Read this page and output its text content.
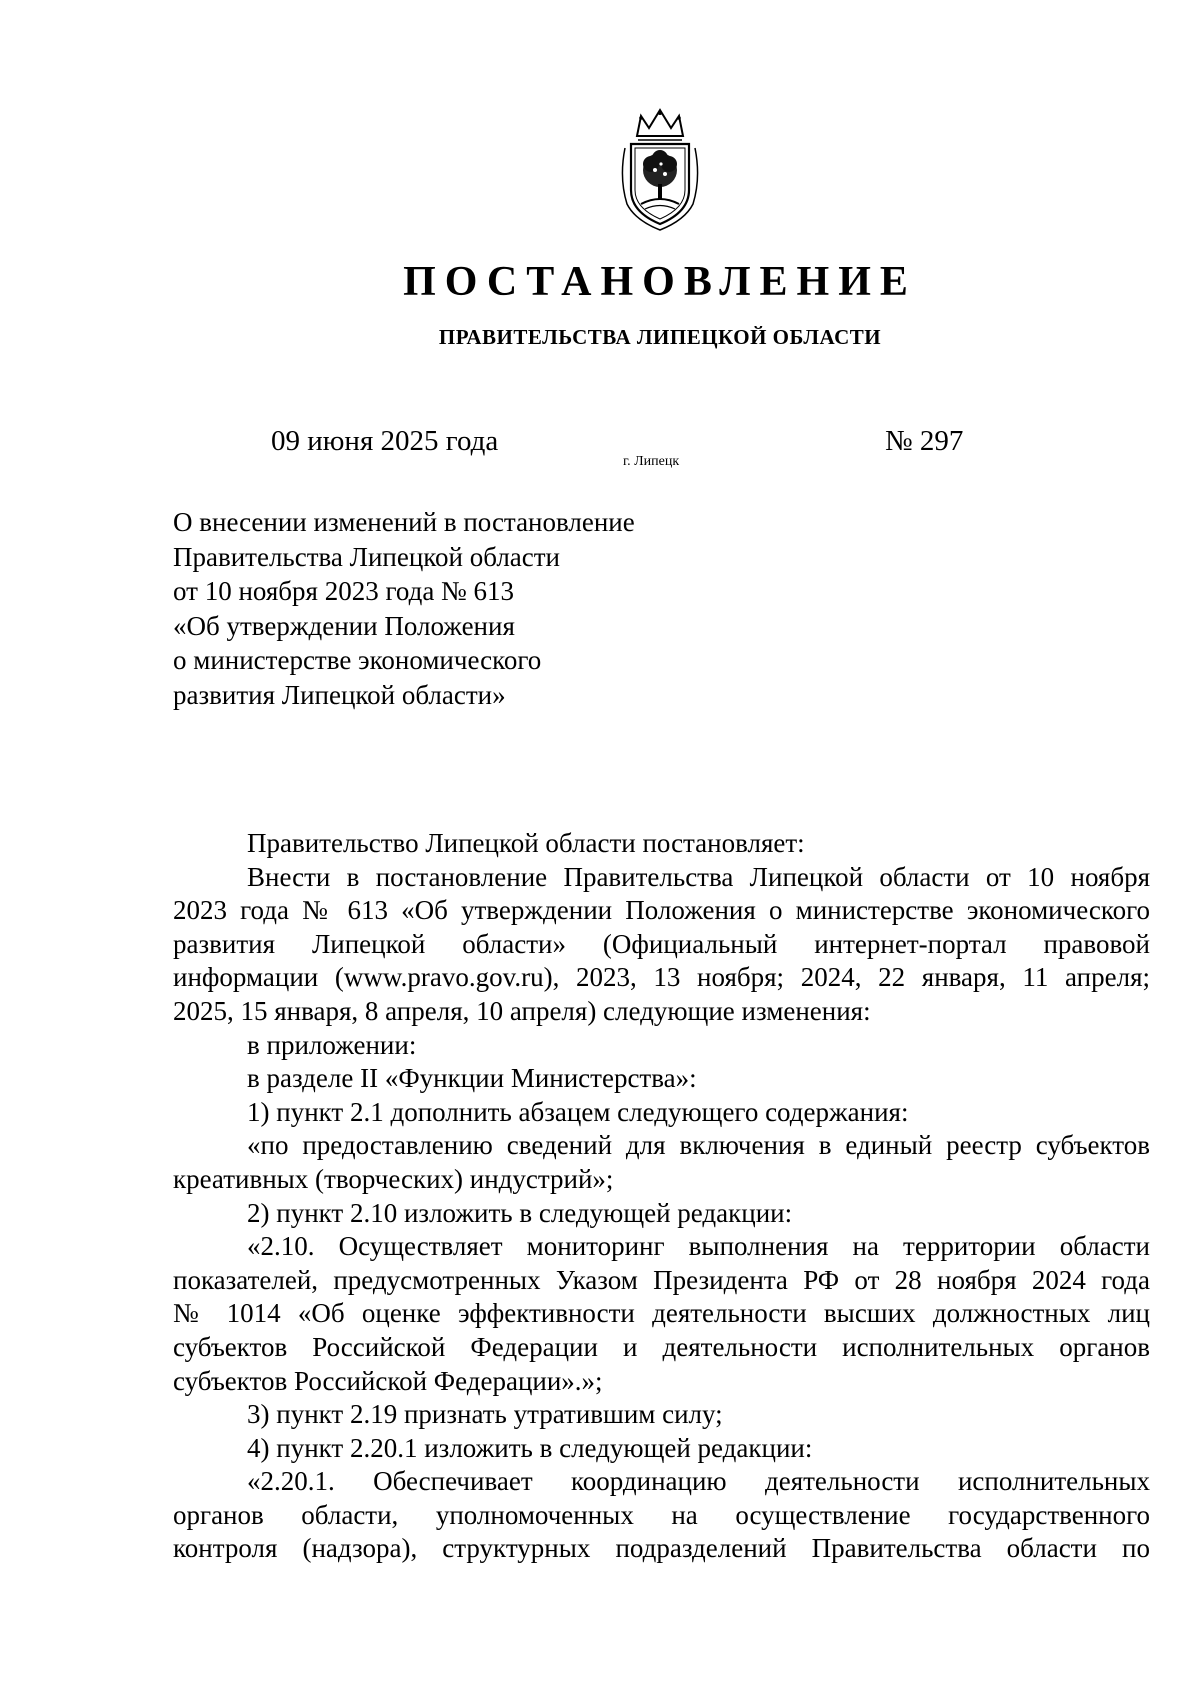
ПОСТАНОВЛЕНИЕ
ПРАВИТЕЛЬСТВА ЛИПЕЦКОЙ ОБЛАСТИ
09 июня 2025 года
г. Липецк
№ 297
О внесении изменений в постановление
Правительства Липецкой области
от 10 ноября 2023 года № 613
«Об утверждении Положения
о министерстве экономического
развития Липецкой области»
Правительство Липецкой области постановляет:
Внести в постановление Правительства Липецкой области от 10 ноября
2023 года № 613 «Об утверждении Положения о министерстве экономического
развития Липецкой области» (Официальный интернет-портал правовой
информации (www.pravo.gov.ru), 2023, 13 ноября; 2024, 22 января, 11 апреля;
2025, 15 января, 8 апреля, 10 апреля) следующие изменения:
в приложении:
в разделе II «Функции Министерства»:
1) пункт 2.1 дополнить абзацем следующего содержания:
«по предоставлению сведений для включения в единый реестр субъектов
креативных (творческих) индустрий»;
2) пункт 2.10 изложить в следующей редакции:
«2.10. Осуществляет мониторинг выполнения на территории области
показателей, предусмотренных Указом Президента РФ от 28 ноября 2024 года
№ 1014 «Об оценке эффективности деятельности высших должностных лиц
субъектов Российской Федерации и деятельности исполнительных органов
субъектов Российской Федерации».»;
3) пункт 2.19 признать утратившим силу;
4) пункт 2.20.1 изложить в следующей редакции:
«2.20.1. Обеспечивает координацию деятельности исполнительных
органов области, уполномоченных на осуществление государственного
контроля (надзора), структурных подразделений Правительства области по
